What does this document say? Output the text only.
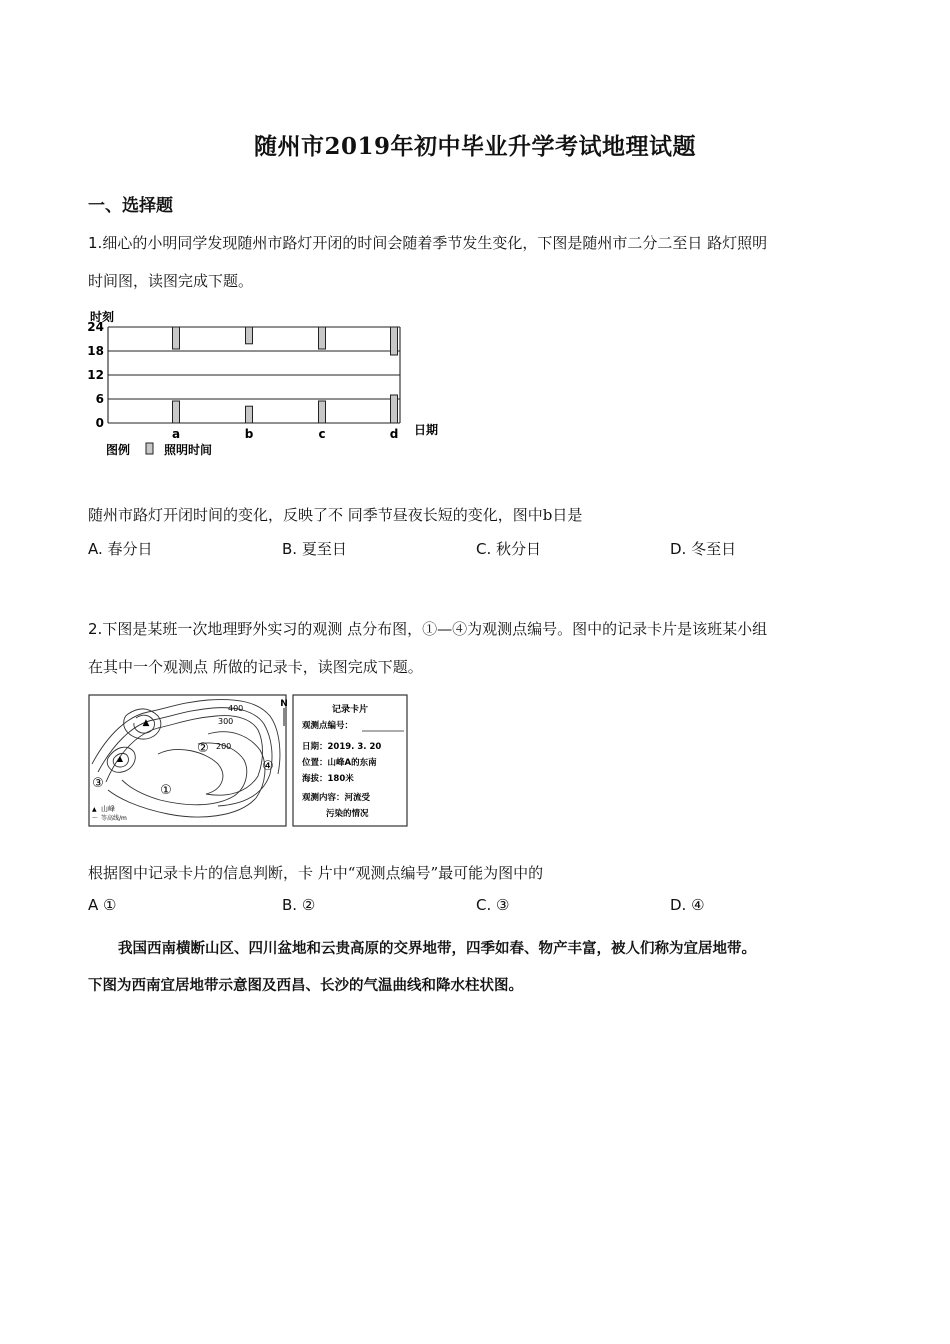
随州市2019年初中毕业升学考试地理试题
一、选择题
1.细心的小明同学发现随州市路灯开闭的时间会随着季节发生变化，下图是随州市二分二至日 路灯照明
时间图，读图完成下题。
时刻
日期
0
6
12
18
24
a	b	c	d
图例	照明时间
随州市路灯开闭时间的变化，反映了不 同季节昼夜长短的变化，图中b日是
A. 春分日	B. 夏至日	C. 秋分日	D. 冬至日
2.下图是某班一次地理野外实习的观测 点分布图，①—④为观测点编号。图中的记录卡片是该班某小组
在其中一个观测点 所做的记录卡，读图完成下题。
400
300
200
▲
▲
①
②
③
④
N
▲ 山峰
～ 等高线/m
记录卡片
观测点编号：
日期：2019. 3. 20
位置：山峰A的东南
海拔：180米
观测内容：河流受
污染的情况
根据图中记录卡片的信息判断，卡 片中“观测点编号”最可能为图中的
A ①	B. ②	C. ③	D. ④
我国西南横断山区、四川盆地和云贵高原的交界地带，四季如春、物产丰富，被人们称为宜居地带。
下图为西南宜居地带示意图及西昌、长沙的气温曲线和降水柱状图。
